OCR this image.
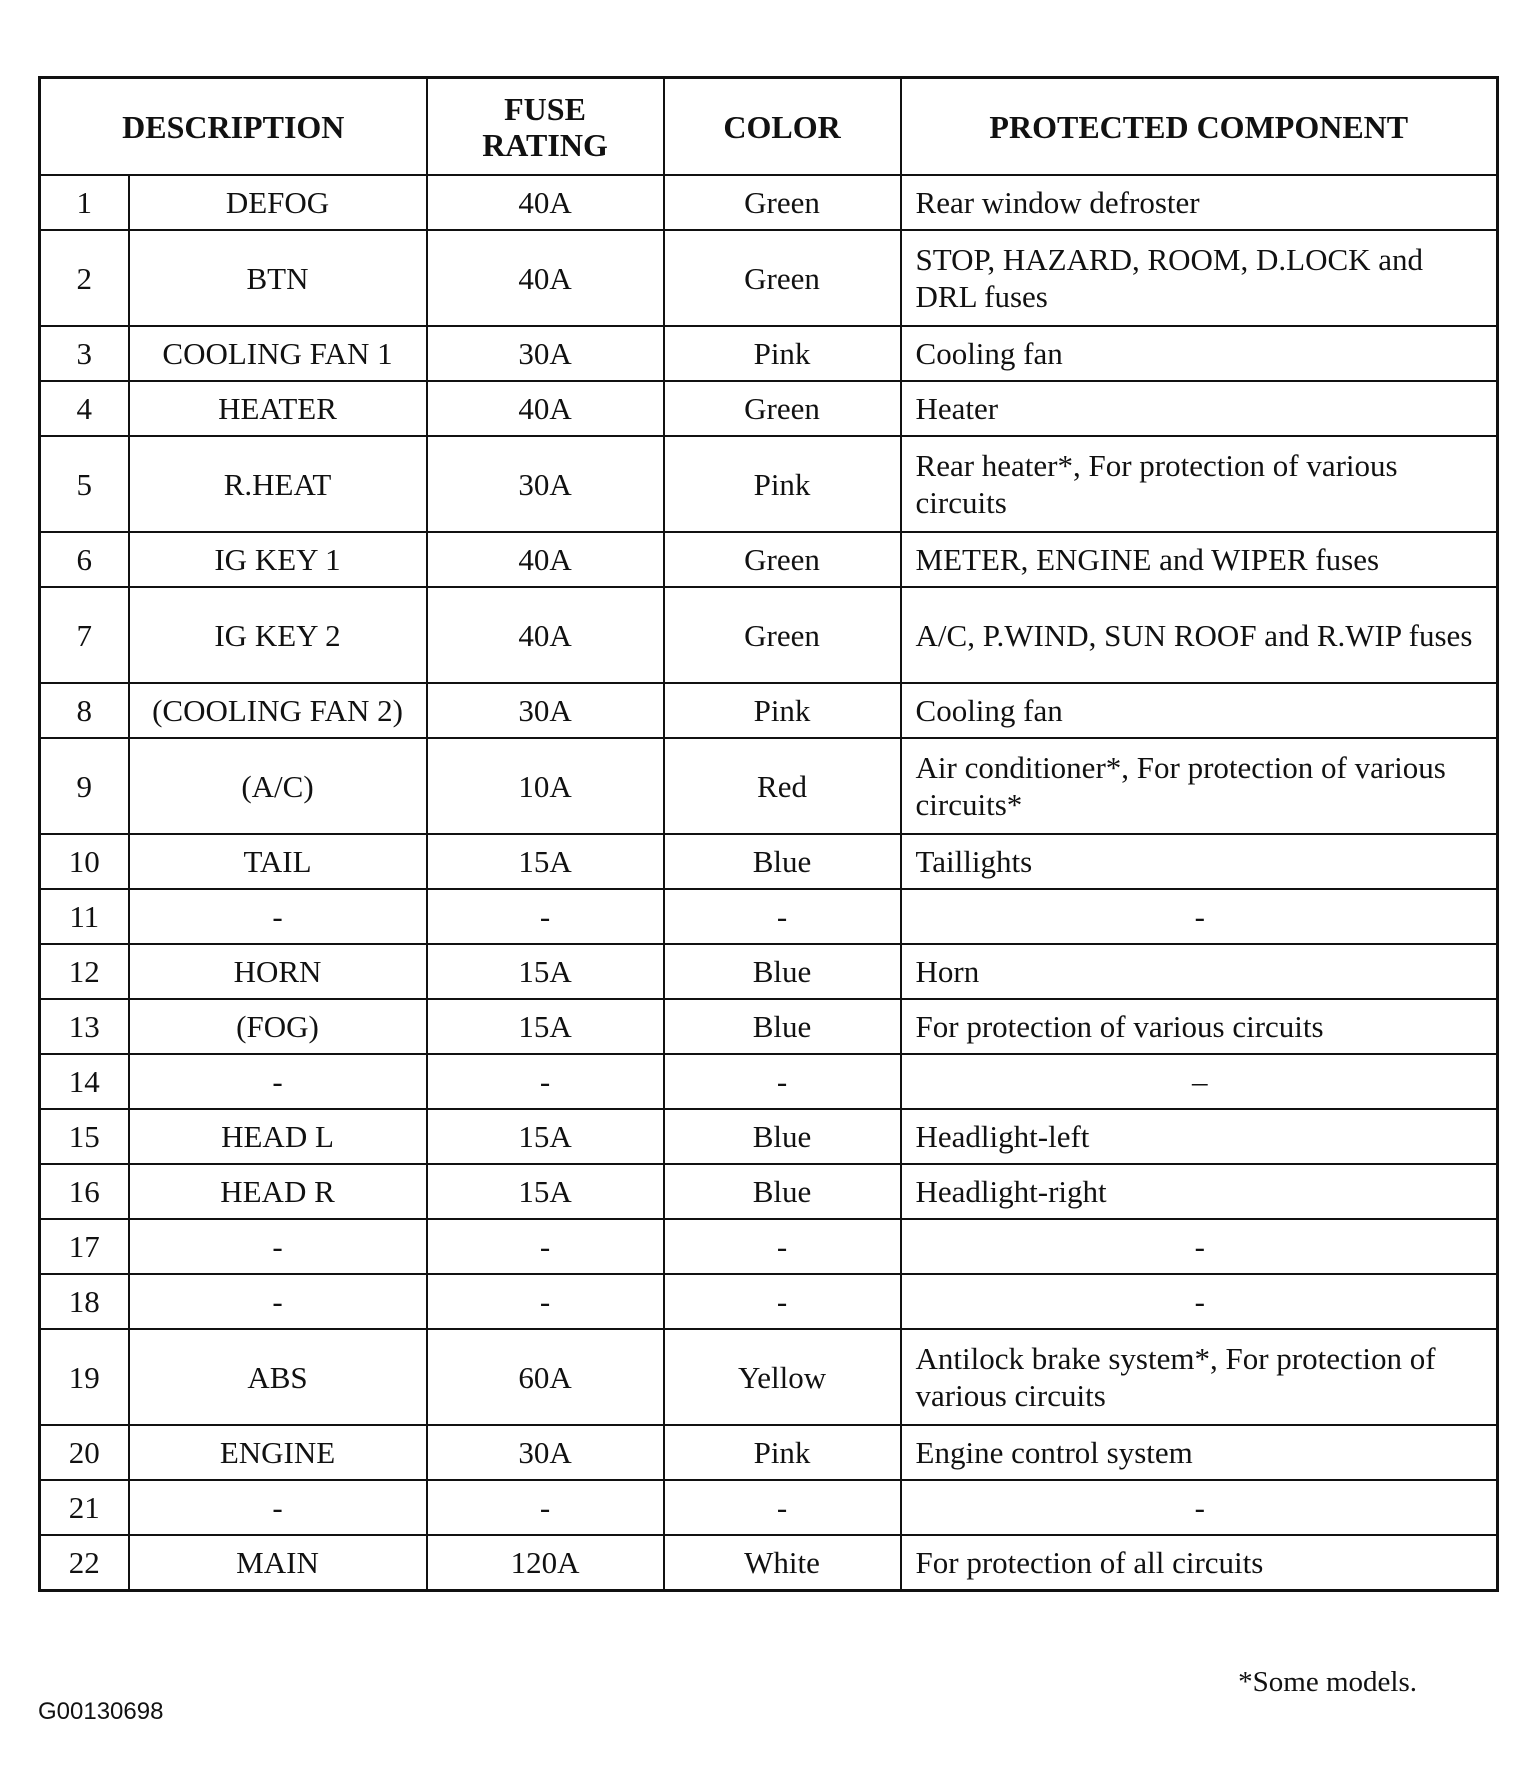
DESCRIPTION		FUSE RATING	COLOR	PROTECTED COMPONENT
1	DEFOG	40A	Green	Rear window defroster
2	BTN	40A	Green	STOP, HAZARD, ROOM, D.LOCK and DRL fuses
3	COOLING FAN 1	30A	Pink	Cooling fan
4	HEATER	40A	Green	Heater
5	R.HEAT	30A	Pink	Rear heater*, For protection of various circuits
6	IG KEY 1	40A	Green	METER, ENGINE and WIPER fuses
7	IG KEY 2	40A	Green	A/C, P.WIND, SUN ROOF and R.WIP fuses
8	(COOLING FAN 2)	30A	Pink	Cooling fan
9	(A/C)	10A	Red	Air conditioner*, For protection of various circuits*
10	TAIL	15A	Blue	Taillights
11	-	-	-	-
12	HORN	15A	Blue	Horn
13	(FOG)	15A	Blue	For protection of various circuits
14	-	-	-	–
15	HEAD L	15A	Blue	Headlight-left
16	HEAD R	15A	Blue	Headlight-right
17	-	-	-	-
18	-	-	-	-
19	ABS	60A	Yellow	Antilock brake system*, For protection of various circuits
20	ENGINE	30A	Pink	Engine control system
21	-	-	-	-
22	MAIN	120A	White	For protection of all circuits
*Some models.
G00130698
